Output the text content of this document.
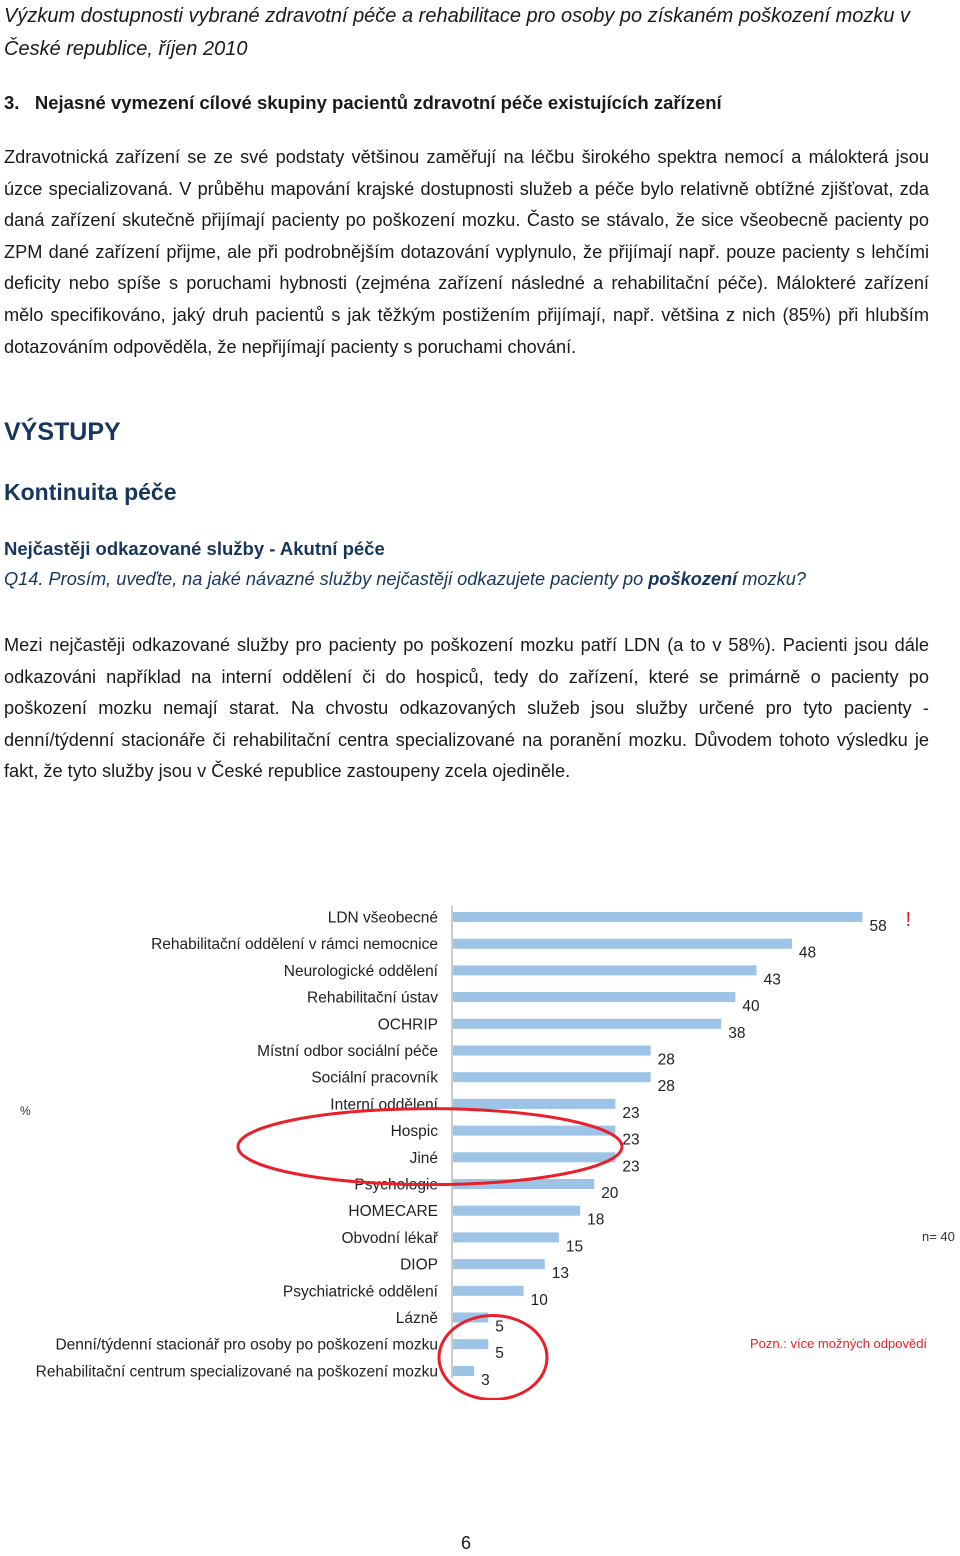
Výzkum dostupnosti vybrané zdravotní péče a rehabilitace pro osoby po získaném poškození mozku v České republice, říjen 2010
3. Nejasné vymezení cílové skupiny pacientů zdravotní péče existujících zařízení

Zdravotnická zařízení se ze své podstaty většinou zaměřují na léčbu širokého spektra nemocí a málokterá jsou úzce specializovaná. V průběhu mapování krajské dostupnosti služeb a péče bylo relativně obtížné zjišťovat, zda daná zařízení skutečně přijímají pacienty po poškození mozku. Často se stávalo, že sice všeobecně pacienty po ZPM dané zařízení přijme, ale při podrobnějším dotazování vyplynulo, že přijímají např. pouze pacienty s lehčími deficity nebo spíše s poruchami hybnosti (zejména zařízení následné a rehabilitační péče). Málokteré zařízení mělo specifikováno, jaký druh pacientů s jak těžkým postižením přijímají, např. většina z nich (85%) při hlubším dotazováním odpověděla, že nepřijímají pacienty s poruchami chování.

VÝSTUPY
Kontinuita péče
Nejčastěji odkazované služby - Akutní péče
Q14. Prosím, uveďte, na jaké návazné služby nejčastěji odkazujete pacienty po poškození mozku?

Mezi nejčastěji odkazované služby pro pacienty po poškození mozku patří LDN (a to v 58%). Pacienti jsou dále odkazováni například na interní oddělení či do hospiců, tedy do zařízení, které se primárně o pacienty po poškození mozku nemají starat. Na chvostu odkazovaných služeb jsou služby určené pro tyto pacienty - denní/týdenní stacionáře či rehabilitační centra specializované na poranění mozku. Důvodem tohoto výsledku je fakt, že tyto služby jsou v České republice zastoupeny zcela ojediněle.

LDN všeobecné	58
Rehabilitační oddělení v rámci nemocnice	48
Neurologické oddělení	43
Rehabilitační ústav	40
OCHRIP	38
Místní odbor sociální péče	28
Sociální pracovník	28
Interní oddělení	23
Hospic	23
Jiné	23
Psychologie	20
HOMECARE	18
Obvodní lékař	15
DIOP	13
Psychiatrické oddělení	10
Lázně	5
Denní/týdenní stacionář pro osoby po poškození mozku	5
Rehabilitační centrum specializované na poškození mozku	3
!
%
n= 40
Pozn.: více možných odpovědí
6
